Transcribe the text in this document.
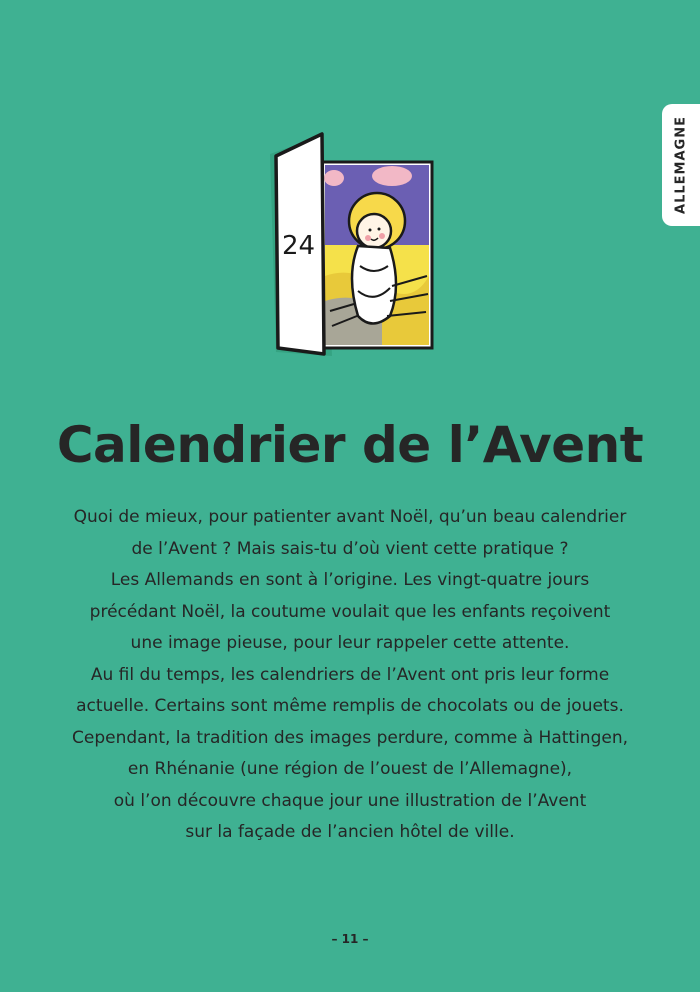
ALLEMAGNE
24
Calendrier de l’Avent
Quoi de mieux, pour patienter avant Noël, qu’un beau calendrier
de l’Avent ? Mais sais-tu d’où vient cette pratique ?
Les Allemands en sont à l’origine. Les vingt-quatre jours
précédant Noël, la coutume voulait que les enfants reçoivent
une image pieuse, pour leur rappeler cette attente.
Au fil du temps, les calendriers de l’Avent ont pris leur forme
actuelle. Certains sont même remplis de chocolats ou de jouets.
Cependant, la tradition des images perdure, comme à Hattingen,
en Rhénanie (une région de l’ouest de l’Allemagne),
où l’on découvre chaque jour une illustration de l’Avent
sur la façade de l’ancien hôtel de ville.
– 11 –
